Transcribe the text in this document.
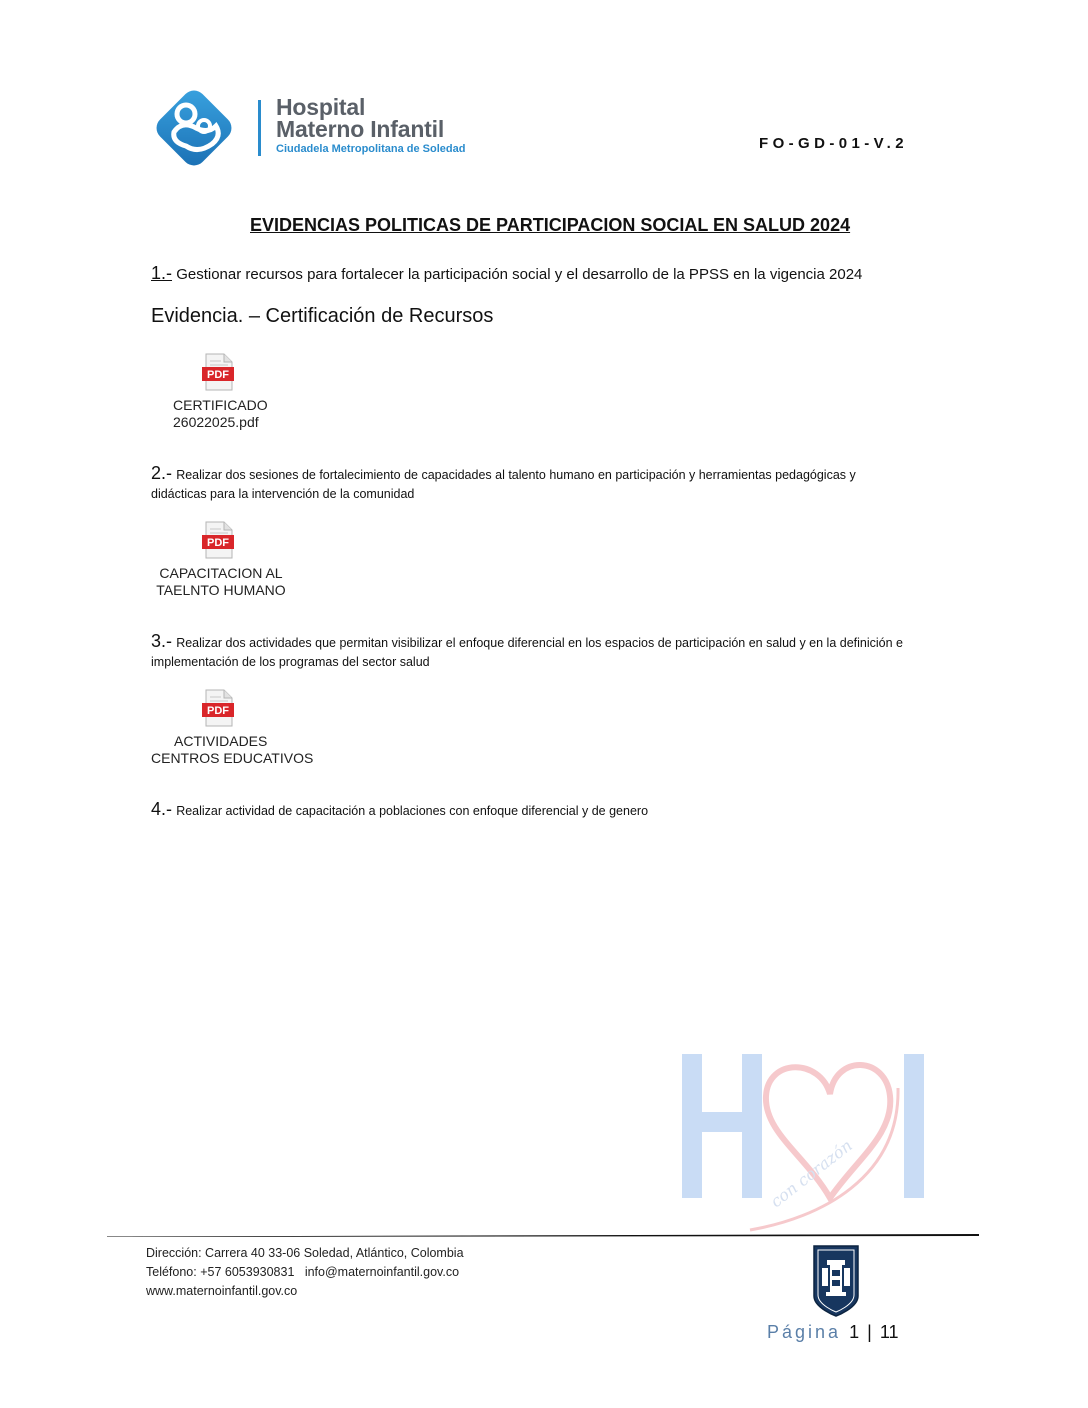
Hospital
Materno Infantil
Ciudadela Metropolitana de Soledad	FO-GD-01-V.2
EVIDENCIAS POLITICAS DE PARTICIPACION SOCIAL EN SALUD 2024
1.- Gestionar recursos para fortalecer la participación social y el desarrollo de la PPSS en la vigencia 2024
Evidencia. – Certificación de Recursos
PDF
CERTIFICADO
26022025.pdf
2.- Realizar dos sesiones de fortalecimiento de capacidades al talento humano en participación y herramientas pedagógicas y
didácticas para la intervención de la comunidad
PDF
CAPACITACION AL
TAELNTO HUMANO
3.- Realizar dos actividades que permitan visibilizar el enfoque diferencial en los espacios de participación en salud y en la definición e
implementación de los programas del sector salud
PDF
ACTIVIDADES
CENTROS EDUCATIVOS
4.- Realizar actividad de capacitación a poblaciones con enfoque diferencial y de genero
con corazón
Dirección: Carrera 40 33-06 Soledad, Atlántico, Colombia
Teléfono: +57 6053930831 info@maternoinfantil.gov.co
www.maternoinfantil.gov.co
Página 1 | 11
